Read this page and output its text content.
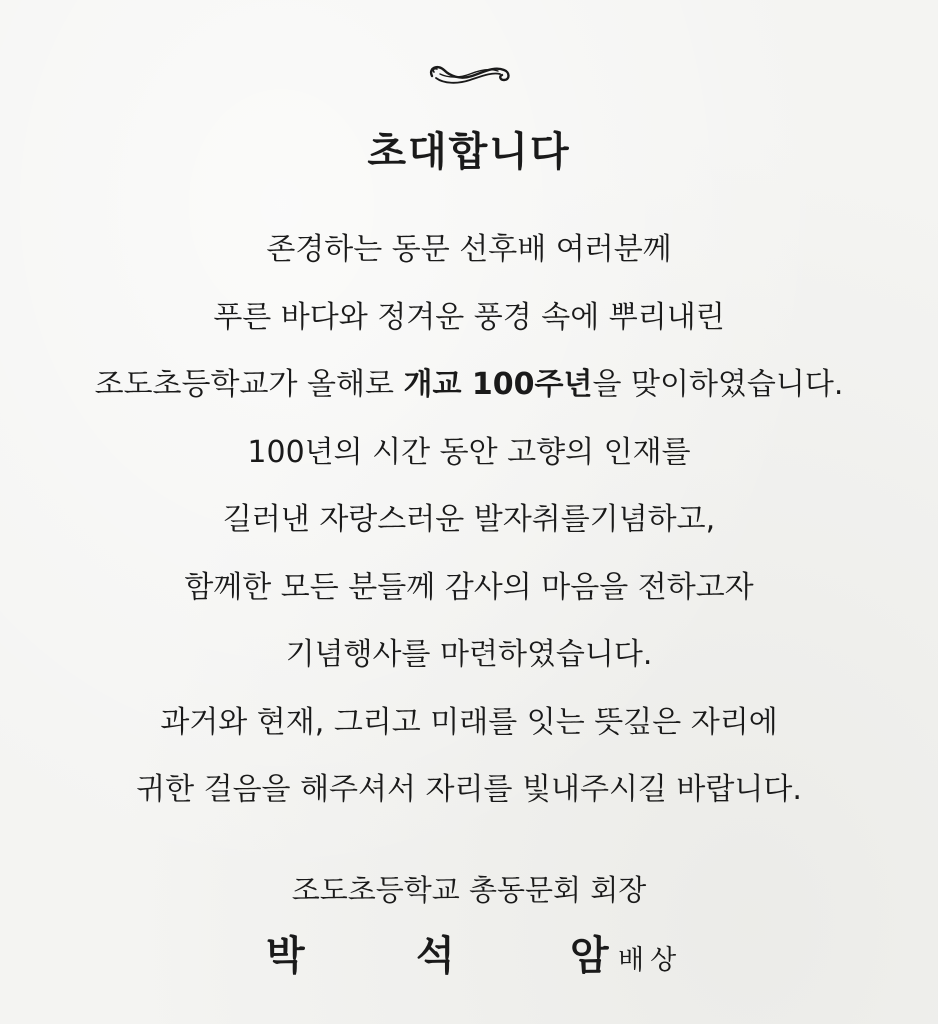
초대합니다
존경하는 동문 선후배 여러분께
푸른 바다와 정겨운 풍경 속에 뿌리내린
조도초등학교가 올해로 개교 100주년을 맞이하였습니다.
100년의 시간 동안 고향의 인재를
길러낸 자랑스러운 발자취를기념하고,
함께한 모든 분들께 감사의 마음을 전하고자
기념행사를 마련하였습니다.
과거와 현재, 그리고 미래를 잇는 뜻깊은 자리에
귀한 걸음을 해주셔서 자리를 빛내주시길 바랍니다.
조도초등학교 총동문회 회장
박	석	암 배상
